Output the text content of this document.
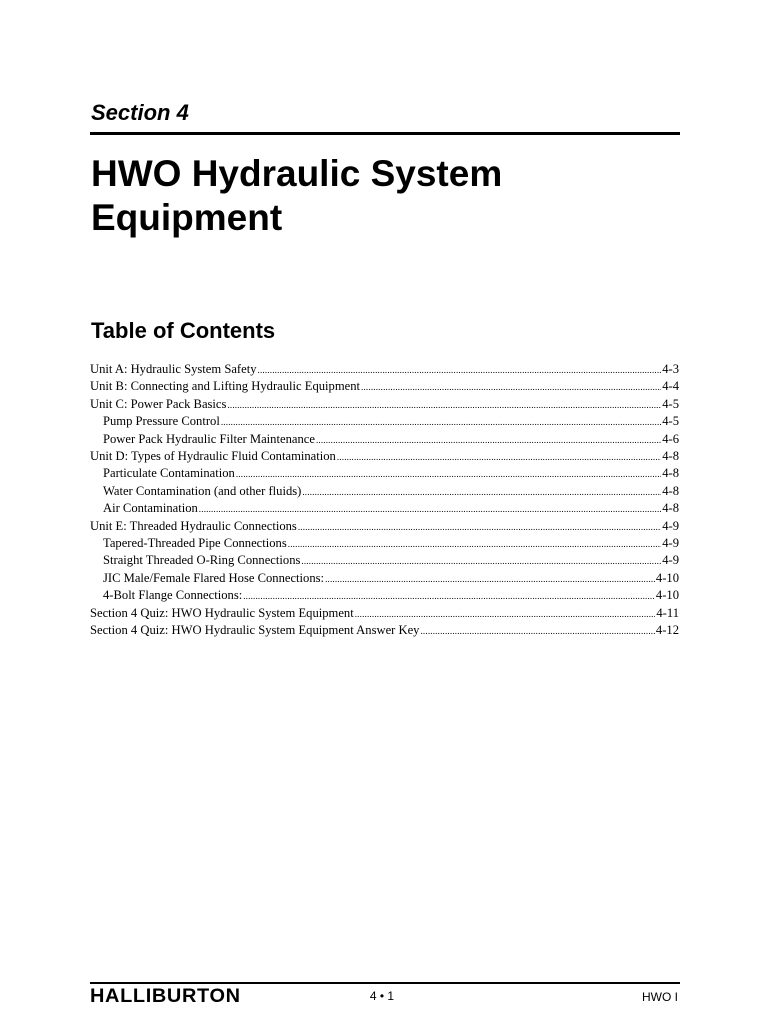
Section 4
HWO Hydraulic System Equipment
Table of Contents
Unit A: Hydraulic System Safety .....	4-3
Unit B: Connecting and Lifting Hydraulic Equipment .....	4-4
Unit C: Power Pack Basics .....	4-5
Pump Pressure Control .....	4-5
Power Pack Hydraulic Filter Maintenance .....	4-6
Unit D: Types of Hydraulic Fluid Contamination .....	4-8
Particulate Contamination .....	4-8
Water Contamination (and other fluids) .....	4-8
Air Contamination .....	4-8
Unit E: Threaded Hydraulic Connections .....	4-9
Tapered-Threaded Pipe Connections .....	4-9
Straight Threaded O-Ring Connections .....	4-9
JIC Male/Female Flared Hose Connections: .....	4-10
4-Bolt Flange Connections: .....	4-10
Section 4 Quiz: HWO Hydraulic System Equipment .....	4-11
Section 4 Quiz: HWO Hydraulic System Equipment Answer Key .....	4-12
HALLIBURTON	4 • 1	HWO I
